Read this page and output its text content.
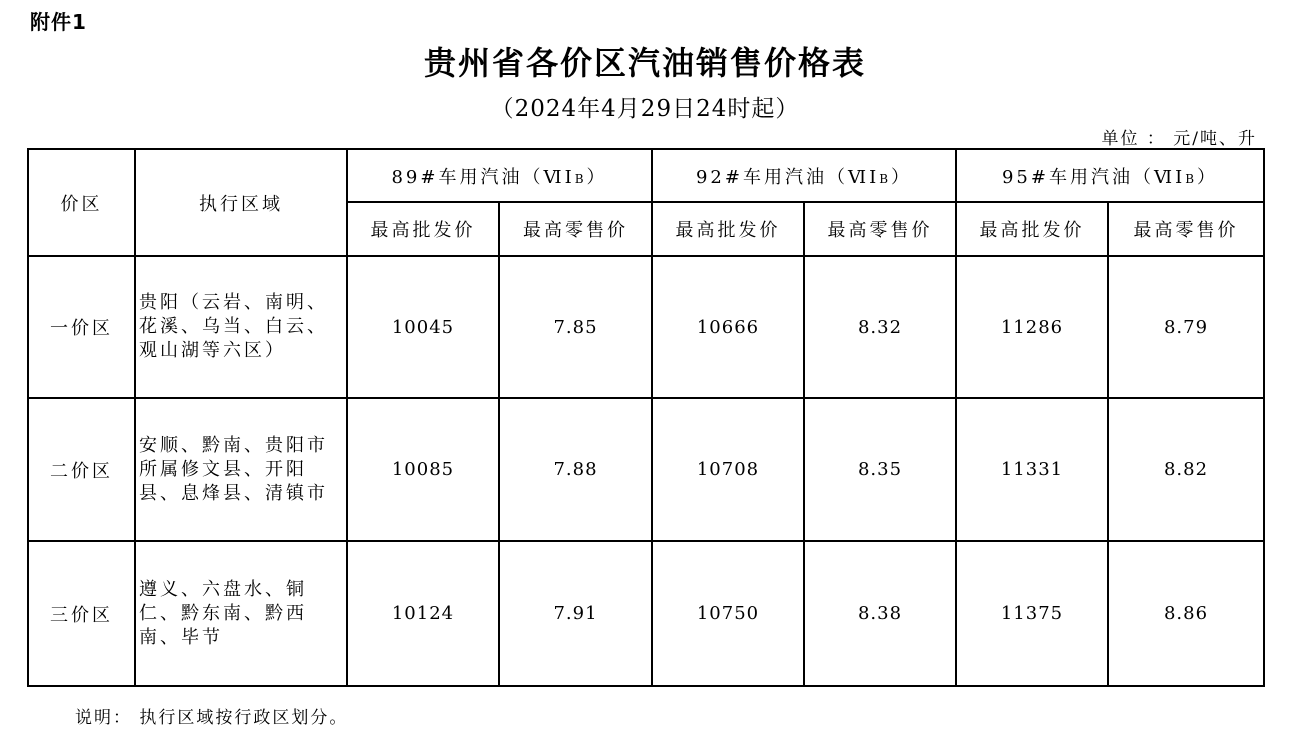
附件1
贵州省各价区汽油销售价格表
（2024年4月29日24时起）
单位 ： 元/吨、升
价区	执行区域	89#车用汽油（ⅥIB）		92#车用汽油（ⅥIB）		95#车用汽油（ⅥIB）	
		最高批发价	最高零售价	最高批发价	最高零售价	最高批发价	最高零售价
一价区	贵阳（云岩、南明、花溪、乌当、白云、观山湖等六区）	10045	7.85	10666	8.32	11286	8.79
二价区	安顺、黔南、贵阳市所属修文县、开阳县、息烽县、清镇市	10085	7.88	10708	8.35	11331	8.82
三价区	遵义、六盘水、铜仁、黔东南、黔西南、毕节	10124	7.91	10750	8.38	11375	8.86
说明： 执行区域按行政区划分。
